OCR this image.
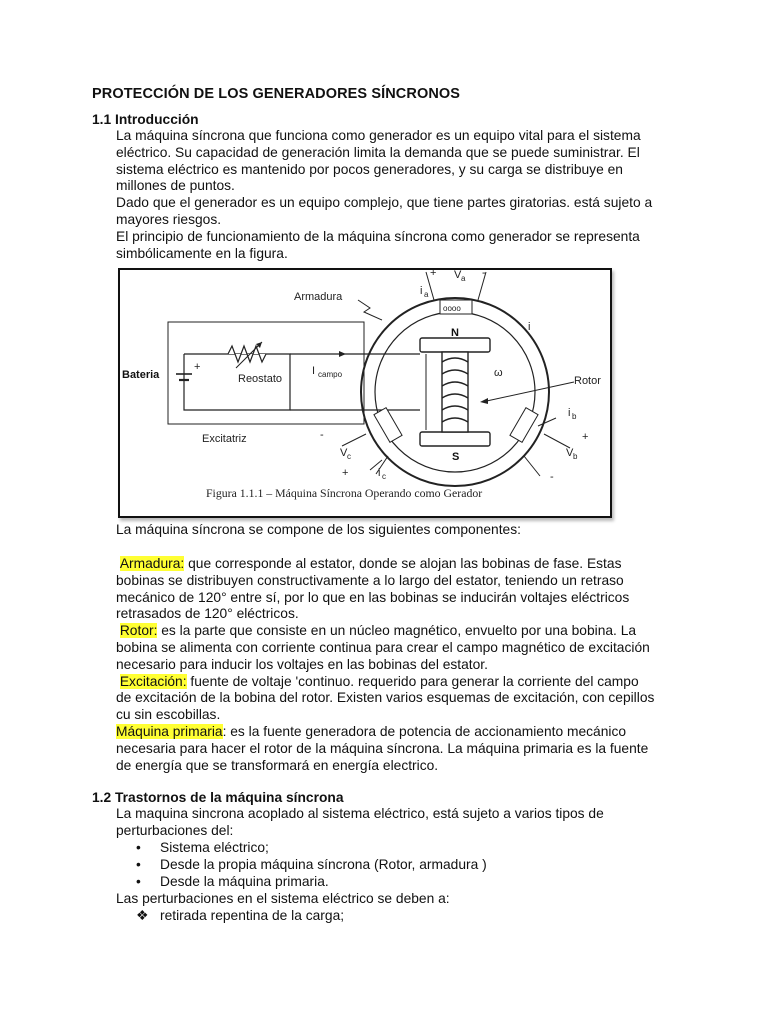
PROTECCIÓN DE LOS GENERADORES SÍNCRONOS
1.1 Introducción
La máquina síncrona que funciona como generador es un equipo vital para el sistema
eléctrico. Su capacidad de generación limita la demanda que se puede suministrar. El
sistema eléctrico es mantenido por pocos generadores, y su carga se distribuye en
millones de puntos.
Dado que el generador es un equipo complejo, que tiene partes giratorias. está sujeto a
mayores riesgos.
El principio de funcionamiento de la máquina síncrona como generador se representa
simbólicamente en la figura.
oooo
Armadura
Bateria	Reostato
Excitatriz
I campo
Rotor
N
S
ω
+ V a -
i a
i
i b
+
V b
-
-
V c
+	i c
+
Figura 1.1.1 – Máquina Síncrona Operando como Gerador
La máquina síncrona se compone de los siguientes componentes:
Armadura: que corresponde al estator, donde se alojan las bobinas de fase. Estas
bobinas se distribuyen constructivamente a lo largo del estator, teniendo un retraso
mecánico de 120° entre sí, por lo que en las bobinas se inducirán voltajes eléctricos
retrasados de 120° eléctricos.
Rotor: es la parte que consiste en un núcleo magnético, envuelto por una bobina. La
bobina se alimenta con corriente continua para crear el campo magnético de excitación
necesario para inducir los voltajes en las bobinas del estator.
Excitación: fuente de voltaje 'continuo. requerido para generar la corriente del campo
de excitación de la bobina del rotor. Existen varios esquemas de excitación, con cepillos
cu sin escobillas.
Máquina primaria: es la fuente generadora de potencia de accionamiento mecánico
necesaria para hacer el rotor de la máquina síncrona. La máquina primaria es la fuente
de energía que se transformará en energía electrico.
1.2 Trastornos de la máquina síncrona
La maquina sincrona acoplado al sistema eléctrico, está sujeto a varios tipos de
perturbaciones del:
• Sistema eléctrico;
• Desde la propia máquina síncrona (Rotor, armadura )
• Desde la máquina primaria.
Las perturbaciones en el sistema eléctrico se deben a:
❖ retirada repentina de la carga;
